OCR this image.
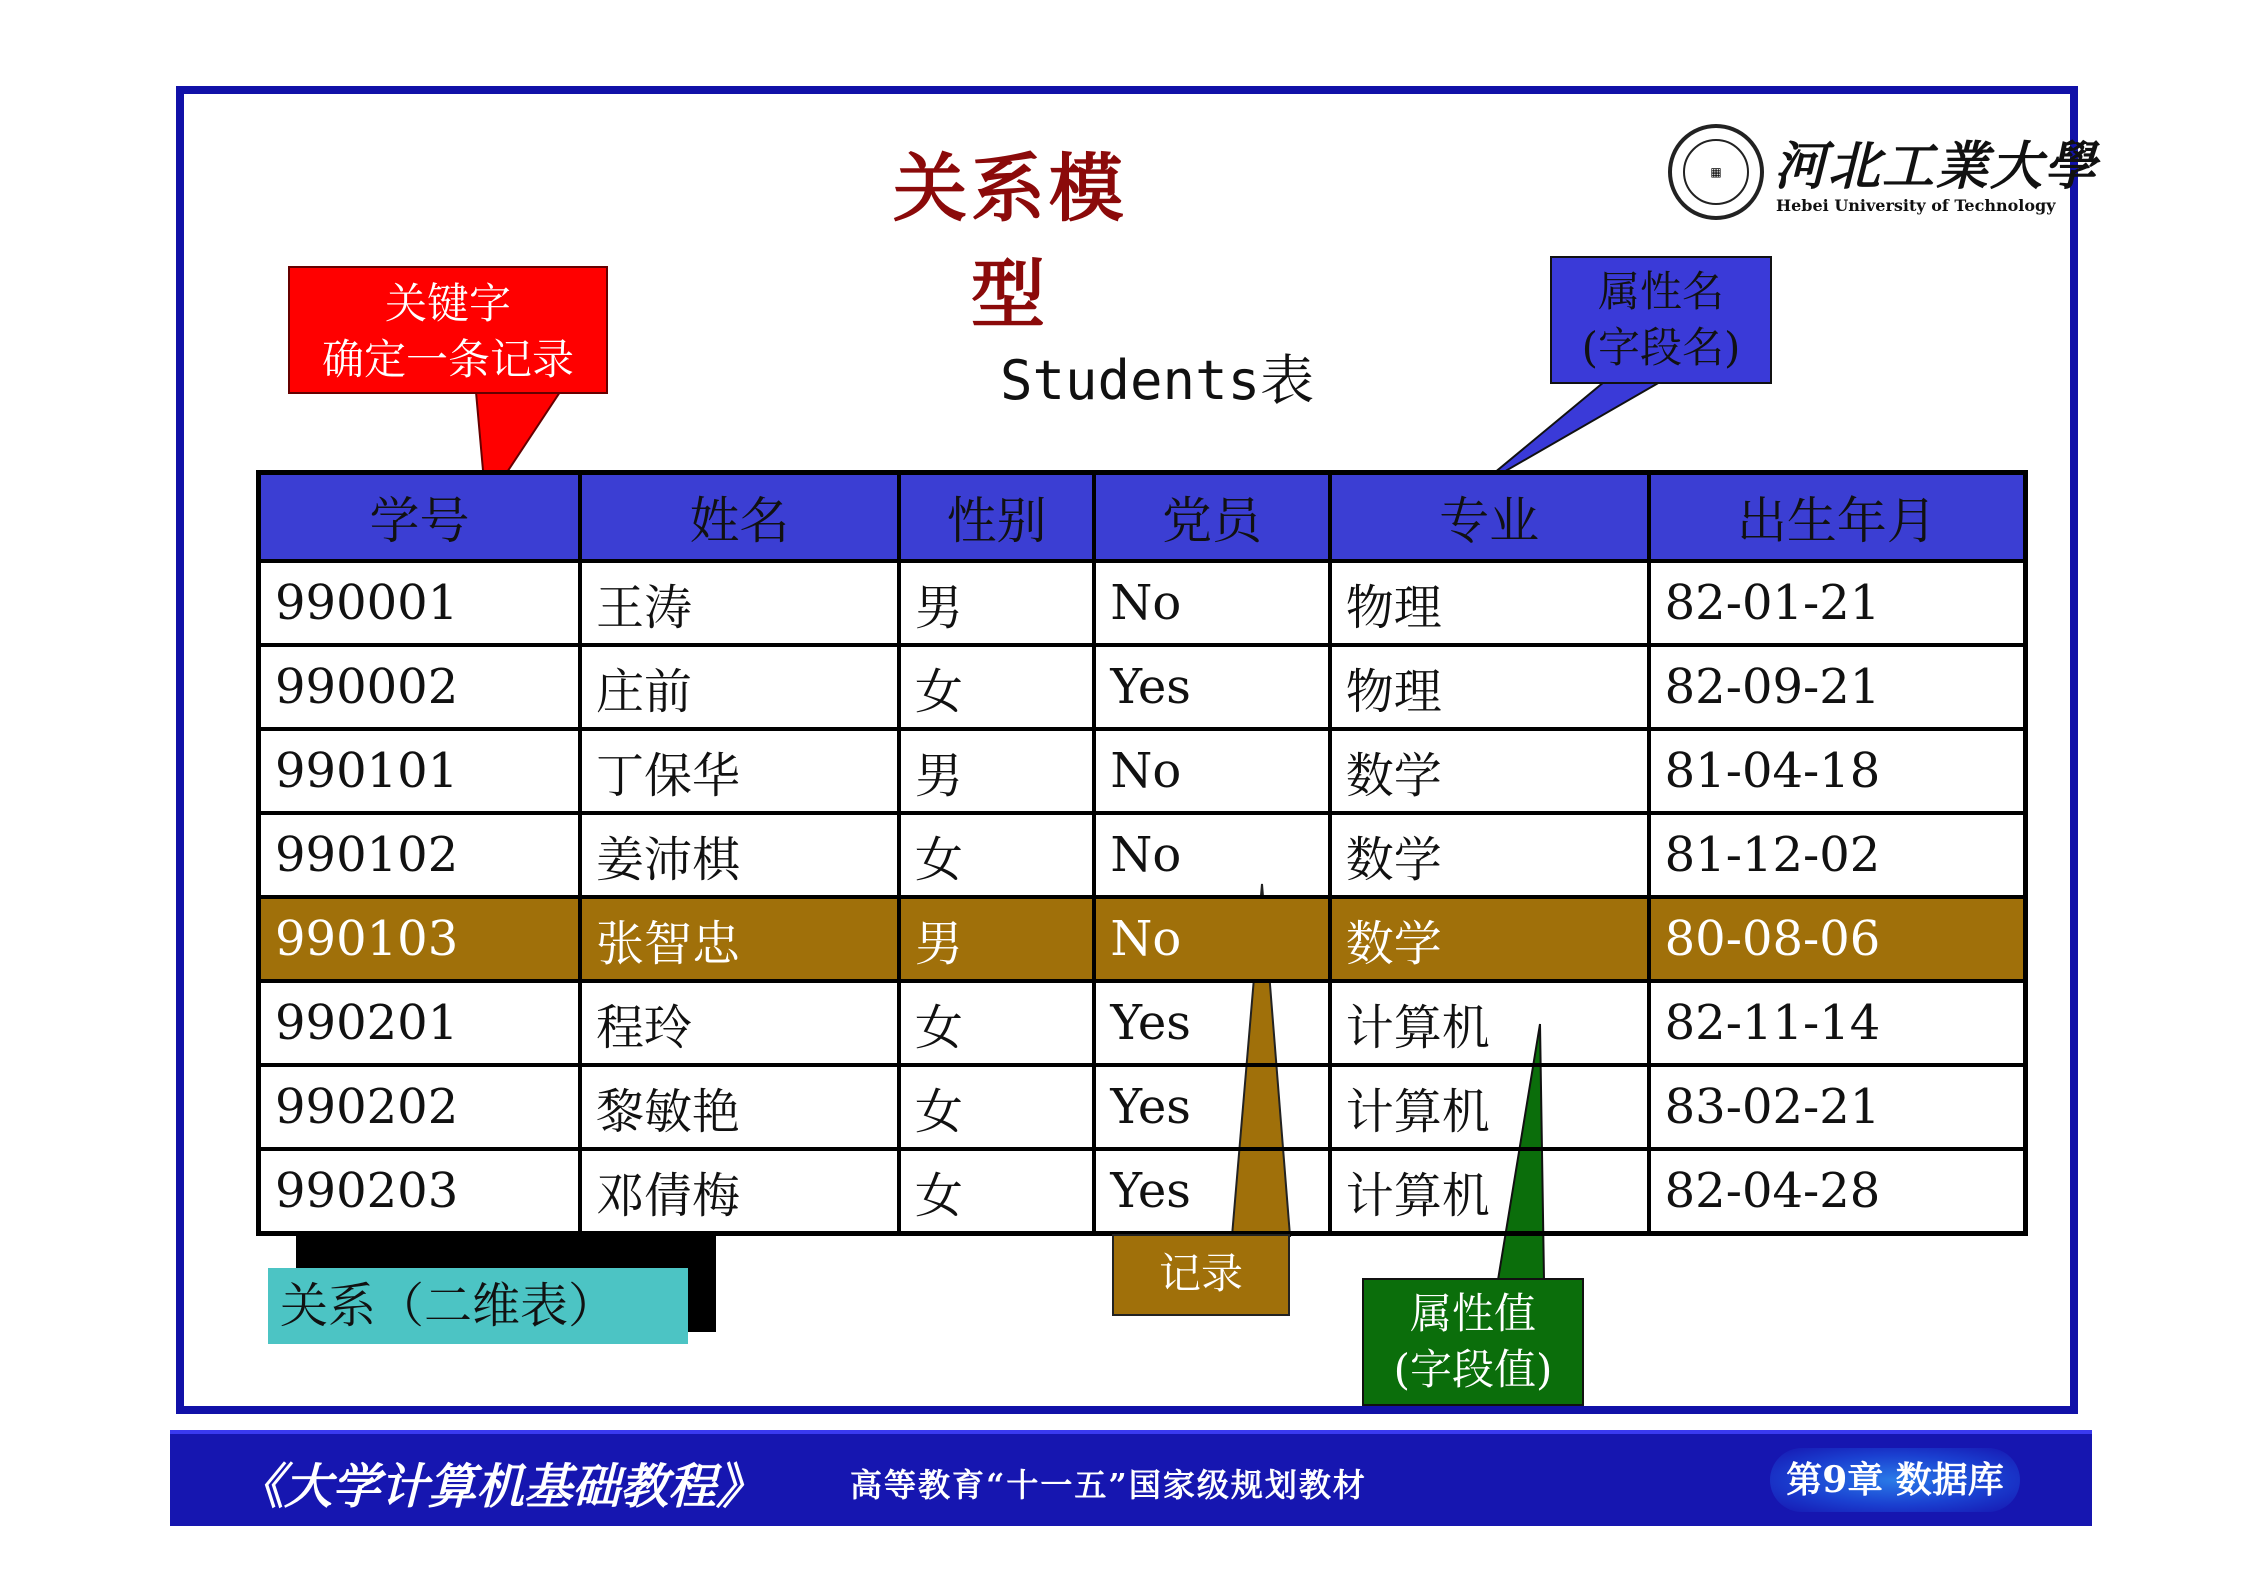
关系模型
▦	河北工業大學
Hebei University of Technology
Students表
关键字
确定一条记录
属性名
(字段名)
学号	姓名	性别	党员	专业	出生年月
990001	王涛	男	No	物理	82-01-21
990002	庄前	女	Yes	物理	82-09-21
990101	丁保华	男	No	数学	81-04-18
990102	姜沛棋	女	No	数学	81-12-02
990103	张智忠	男	No	数学	80-08-06
990201	程玲	女	Yes	计算机	82-11-14
990202	黎敏艳	女	Yes	计算机	83-02-21
990203	邓倩梅	女	Yes	计算机	82-04-28
关系（二维表）
记录
属性值
(字段值)
《大学计算机基础教程》	高等教育“十一五”国家级规划教材	第9章 数据库
